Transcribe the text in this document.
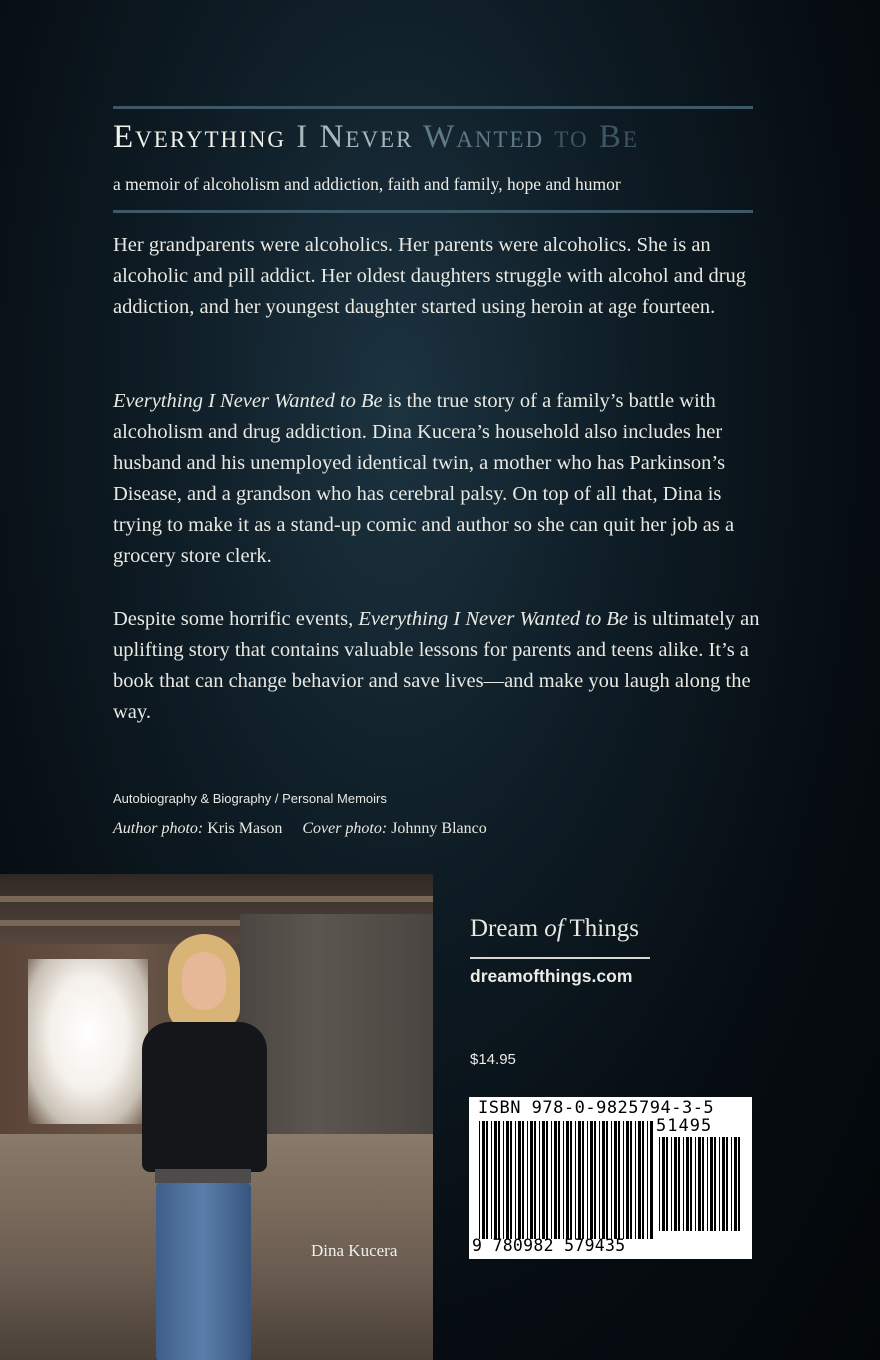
Everything I Never Wanted to Be
a memoir of alcoholism and addiction, faith and family, hope and humor

Her grandparents were alcoholics. Her parents were alcoholics. She is an alcoholic and pill addict. Her oldest daughters struggle with alcohol and drug addiction, and her youngest daughter started using heroin at age fourteen.

Everything I Never Wanted to Be is the true story of a family’s battle with alcoholism and drug addiction. Dina Kucera’s household also includes her husband and his unemployed identical twin, a mother who has Parkinson’s Disease, and a grandson who has cerebral palsy. On top of all that, Dina is trying to make it as a stand-up comic and author so she can quit her job as a grocery store clerk.

Despite some horrific events, Everything I Never Wanted to Be is ultimately an uplifting story that contains valuable lessons for parents and teens alike. It’s a book that can change behavior and save lives—and make you laugh along the way.

Autobiography & Biography / Personal Memoirs
Author photo: Kris Mason Cover photo: Johnny Blanco
Dina Kucera
Dream of Things
dreamofthings.com
$14.95
ISBN 978-0-9825794-3-5
51495
9 780982 579435
